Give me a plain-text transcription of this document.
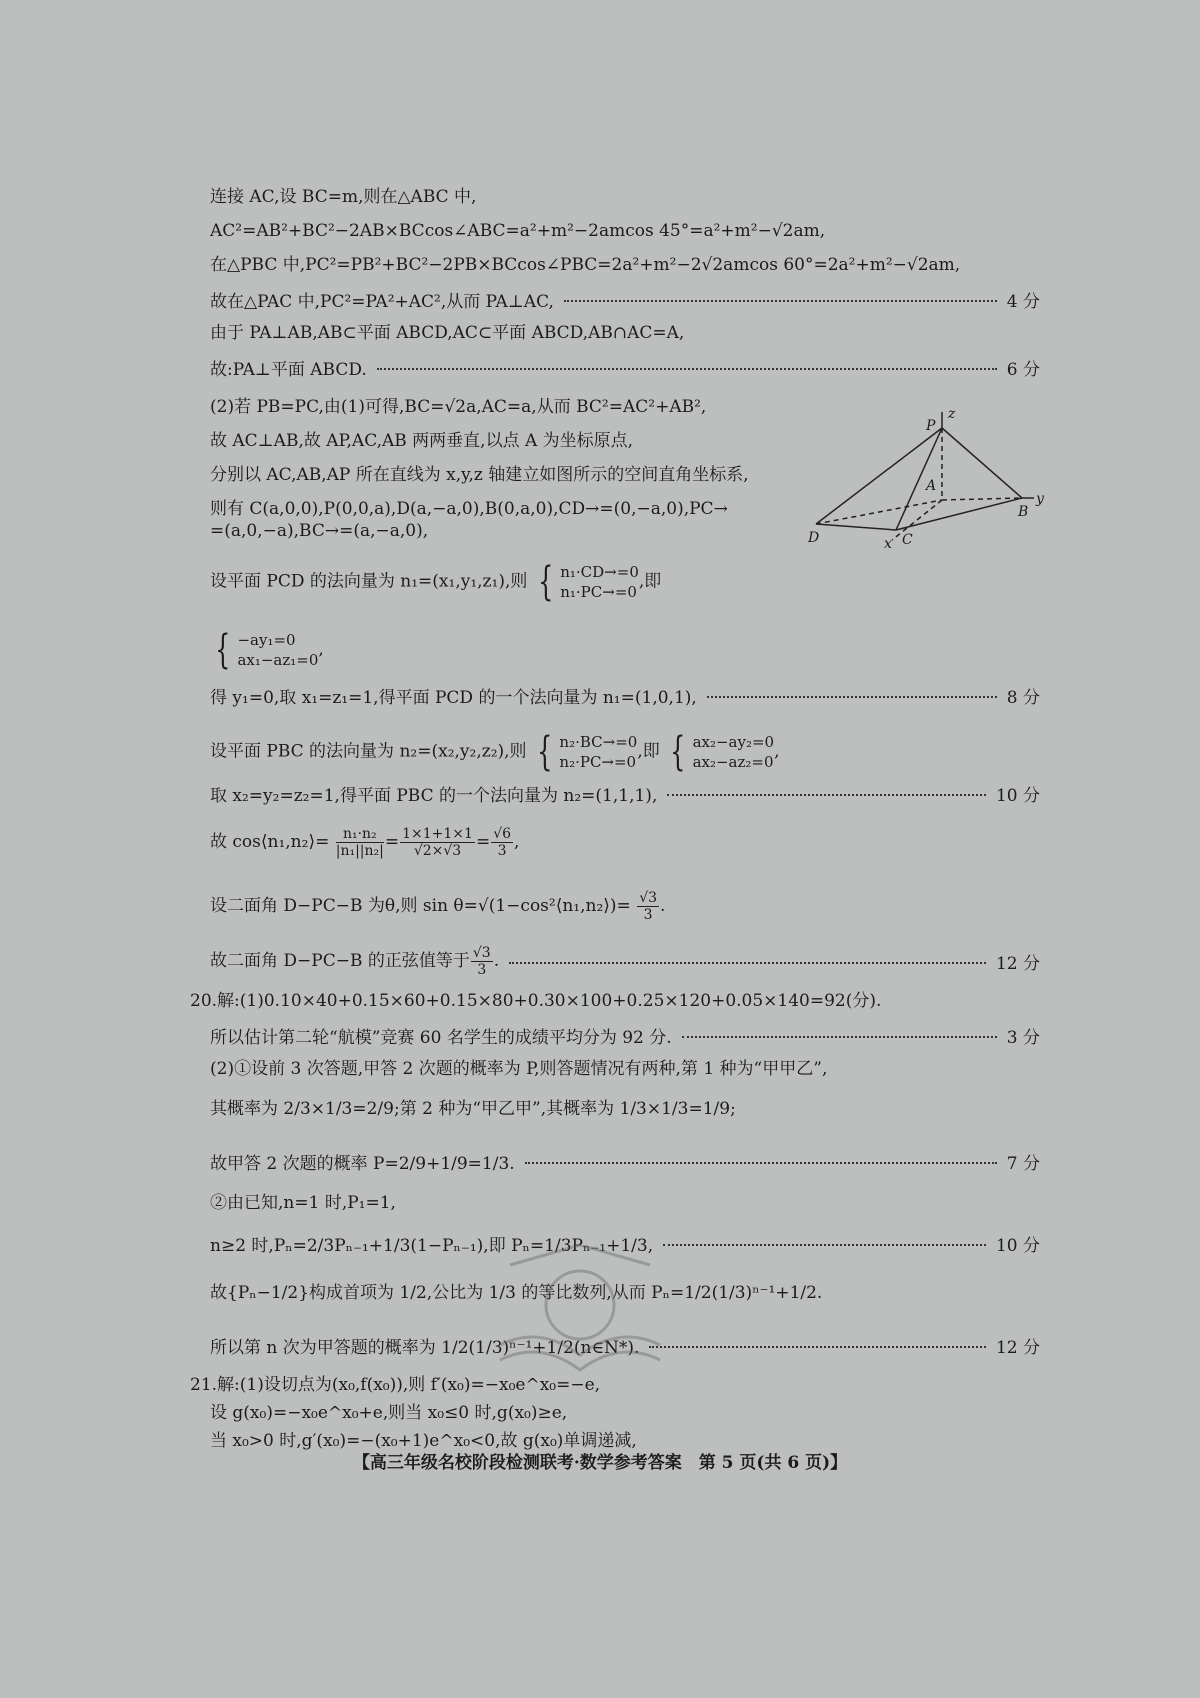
连接 AC,设 BC=m,则在△ABC 中,
AC²=AB²+BC²−2AB×BCcos∠ABC=a²+m²−2amcos 45°=a²+m²−√2am,
在△PBC 中,PC²=PB²+BC²−2PB×BCcos∠PBC=2a²+m²−2√2amcos 60°=2a²+m²−√2am,
故在△PAC 中,PC²=PA²+AC²,从而 PA⊥AC,	4 分
由于 PA⊥AB,AB⊂平面 ABCD,AC⊂平面 ABCD,AB∩AC=A,
故:PA⊥平面 ABCD.	6 分
(2)若 PB=PC,由(1)可得,BC=√2a,AC=a,从而 BC²=AC²+AB²,
故 AC⊥AB,故 AP,AC,AB 两两垂直,以点 A 为坐标原点,
分别以 AC,AB,AP 所在直线为 x,y,z 轴建立如图所示的空间直角坐标系,
则有 C(a,0,0),P(0,0,a),D(a,−a,0),B(0,a,0),CD→=(0,−a,0),PC→
=(a,0,−a),BC→=(a,−a,0),
P
z
A
B
y
D	x C
设平面 PCD 的法向量为 n₁=(x₁,y₁,z₁),则 { n₁·CD→=0
n₁·PC→=0
,即
{ −ay₁=0
ax₁−az₁=0
,
得 y₁=0,取 x₁=z₁=1,得平面 PCD 的一个法向量为 n₁=(1,0,1),	8 分
设平面 PBC 的法向量为 n₂=(x₂,y₂,z₂),则 { n₂·BC→=0
n₂·PC→=0
,即 { ax₂−ay₂=0
ax₂−az₂=0
,
取 x₂=y₂=z₂=1,得平面 PBC 的一个法向量为 n₂=(1,1,1),	10 分
故 cos⟨n₁,n₂⟩= $\frac{\text{n₁·n₂}}{\text{|n₁||n₂|}} = \frac{1\times 1+1\times 1}{√2\times√3} = \frac{√6}{3}$ ,
设二面角 D−PC−B 为θ,则 sin θ=√(1−cos²⟨n₁,n₂⟩)= $\frac{√3}{3}$ .
故二面角 D−PC−B 的正弦值等于 $\frac{√3}{3}$ .	12 分
20.解:(1)0.10×40+0.15×60+0.15×80+0.30×100+0.25×120+0.05×140=92(分).
所以估计第二轮“航模”竞赛 60 名学生的成绩平均分为 92 分.	3 分
(2)①设前 3 次答题,甲答 2 次题的概率为 P,则答题情况有两种,第 1 种为“甲甲乙”,
其概率为 2/3×1/3=2/9;第 2 种为“甲乙甲”,其概率为 1/3×1/3=1/9;
故甲答 2 次题的概率 P=2/9+1/9=1/3.	7 分
②由已知,n=1 时,P₁=1,
n≥2 时,Pₙ=2/3Pₙ₋₁+1/3(1−Pₙ₋₁),即 Pₙ=1/3Pₙ₋₁+1/3,	10 分
故{Pₙ−1/2}构成首项为 1/2,公比为 1/3 的等比数列,从而 Pₙ=1/2(1/3)ⁿ⁻¹+1/2.
所以第 n 次为甲答题的概率为 1/2(1/3)ⁿ⁻¹+1/2(n∈N*).	12 分
21.解:(1)设切点为(x₀,f(x₀)),则 f′(x₀)=−x₀e^x₀=−e,
设 g(x₀)=−x₀e^x₀+e,则当 x₀≤0 时,g(x₀)≥e,
当 x₀>0 时,g′(x₀)=−(x₀+1)e^x₀<0,故 g(x₀)单调递减,
【高三年级名校阶段检测联考·数学参考答案　第 5 页(共 6 页)】
